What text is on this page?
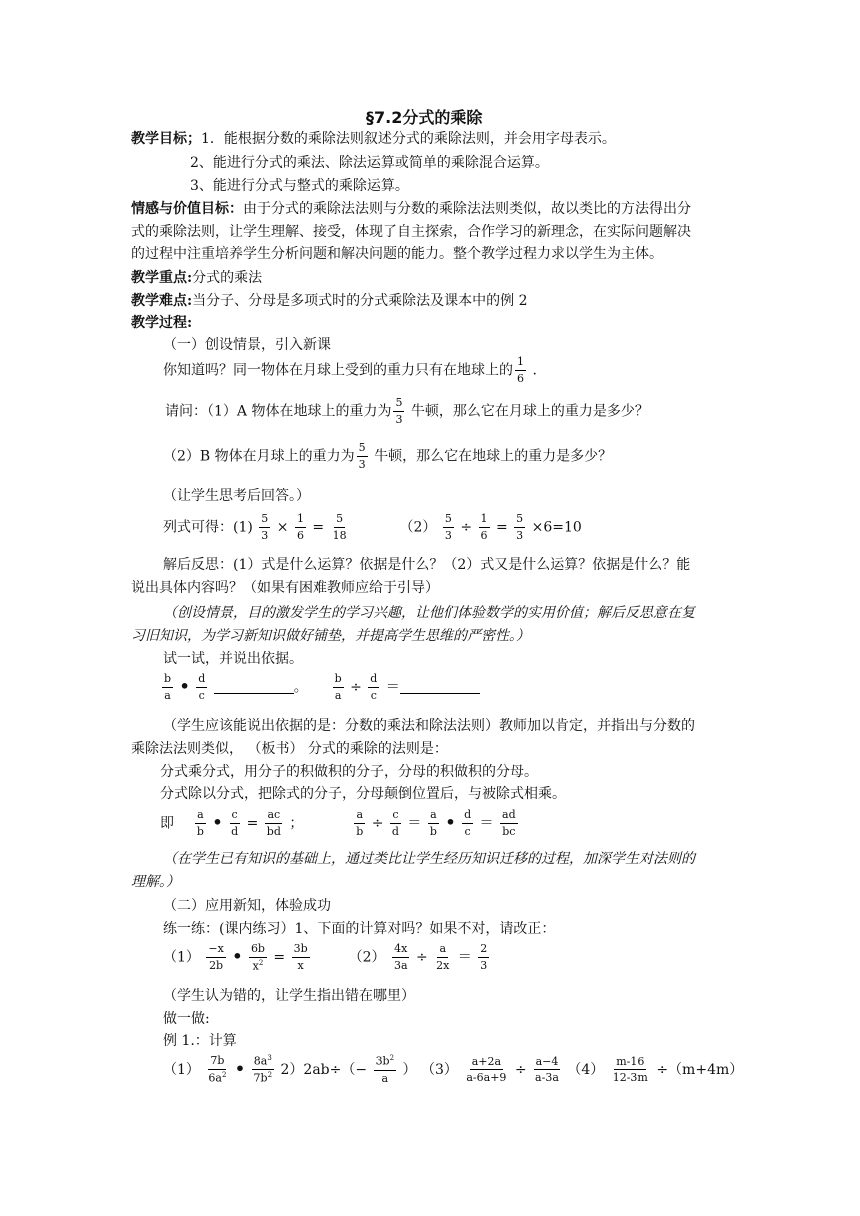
§7.2分式的乘除
教学目标；1．能根据分数的乘除法则叙述分式的乘除法则，并会用字母表示。
2、能进行分式的乘法、除法运算或简单的乘除混合运算。
3、能进行分式与整式的乘除运算。
情感与价值目标：由于分式的乘除法法则与分数的乘除法法则类似，故以类比的方法得出分
式的乘除法则，让学生理解、接受，体现了自主探索，合作学习的新理念，在实际问题解决
的过程中注重培养学生分析问题和解决问题的能力。整个教学过程力求以学生为主体。
教学重点:分式的乘法
教学难点:当分子、分母是多项式时的分式乘除法及课本中的例 2
教学过程:
（一）创设情景，引入新课
你知道吗？同一物体在月球上受到的重力只有在地球上的 $\frac{1}{6}$ .
请问：（1）A 物体在地球上的重力为 $\frac{5}{3}$ 牛顿，那么它在月球上的重力是多少？
（2）B 物体在月球上的重力为 $\frac{5}{3}$ 牛顿，那么它在地球上的重力是多少？
（让学生思考后回答。）
列式可得：$(1) \frac{5}{3} \times \frac{1}{6} = \frac{5}{18}$	$(2) \frac{5}{3} \div \frac{1}{6} = \frac{5}{3} \times 6=10$
解后反思：(1）式是什么运算？依据是什么？（2）式又是什么运算？依据是什么？能
说出具体内容吗？（如果有困难教师应给于引导）
（创设情景，目的激发学生的学习兴趣，让他们体验数学的实用价值；解后反思意在复
习旧知识，为学习新知识做好铺垫，并提高学生思维的严密性。）
试一试，并说出依据。
$\frac{b}{a}$ • $\frac{d}{c}$	。 $\frac{b}{a} \div \frac{d}{c}$ ＝
（学生应该能说出依据的是：分数的乘法和除法法则）教师加以肯定，并指出与分数的
乘除法法则类似， （板书） 分式的乘除的法则是：
分式乘分式，用分子的积做积的分子，分母的积做积的分母。
分式除以分式，把除式的分子，分母颠倒位置后，与被除式相乘。
即 $\frac{a}{b}$ • $\frac{c}{d} = \frac{ac}{bd}$ ；	$\frac{a}{b} \div \frac{c}{d} = \frac{a}{b}$ • $\frac{d}{c} = \frac{ad}{bc}$
（在学生已有知识的基础上，通过类比让学生经历知识迁移的过程，加深学生对法则的
理解。）
（二）应用新知，体验成功
练一练：(课内练习）1、下面的计算对吗？如果不对，请改正：
$(1) \frac{-x}{2b}$ • $\frac{6b}{x^2} = \frac{3b}{x}$	$(2) \frac{4x}{3a} \div \frac{a}{2x} = \frac{2}{3}$
（学生认为错的，让学生指出错在哪里）
做一做:
例 1.：计算
$(1) \frac{7b}{6a^2}$ • $\frac{8a^3}{7b^2} 2)2ab\div(- \frac{3b^2}{a}$ ） $(3) \frac{a+2a}{a-6a+9} \div \frac{a-4}{a-3a} (4) \frac{m-16}{12-3m} \div(m+4m)$
